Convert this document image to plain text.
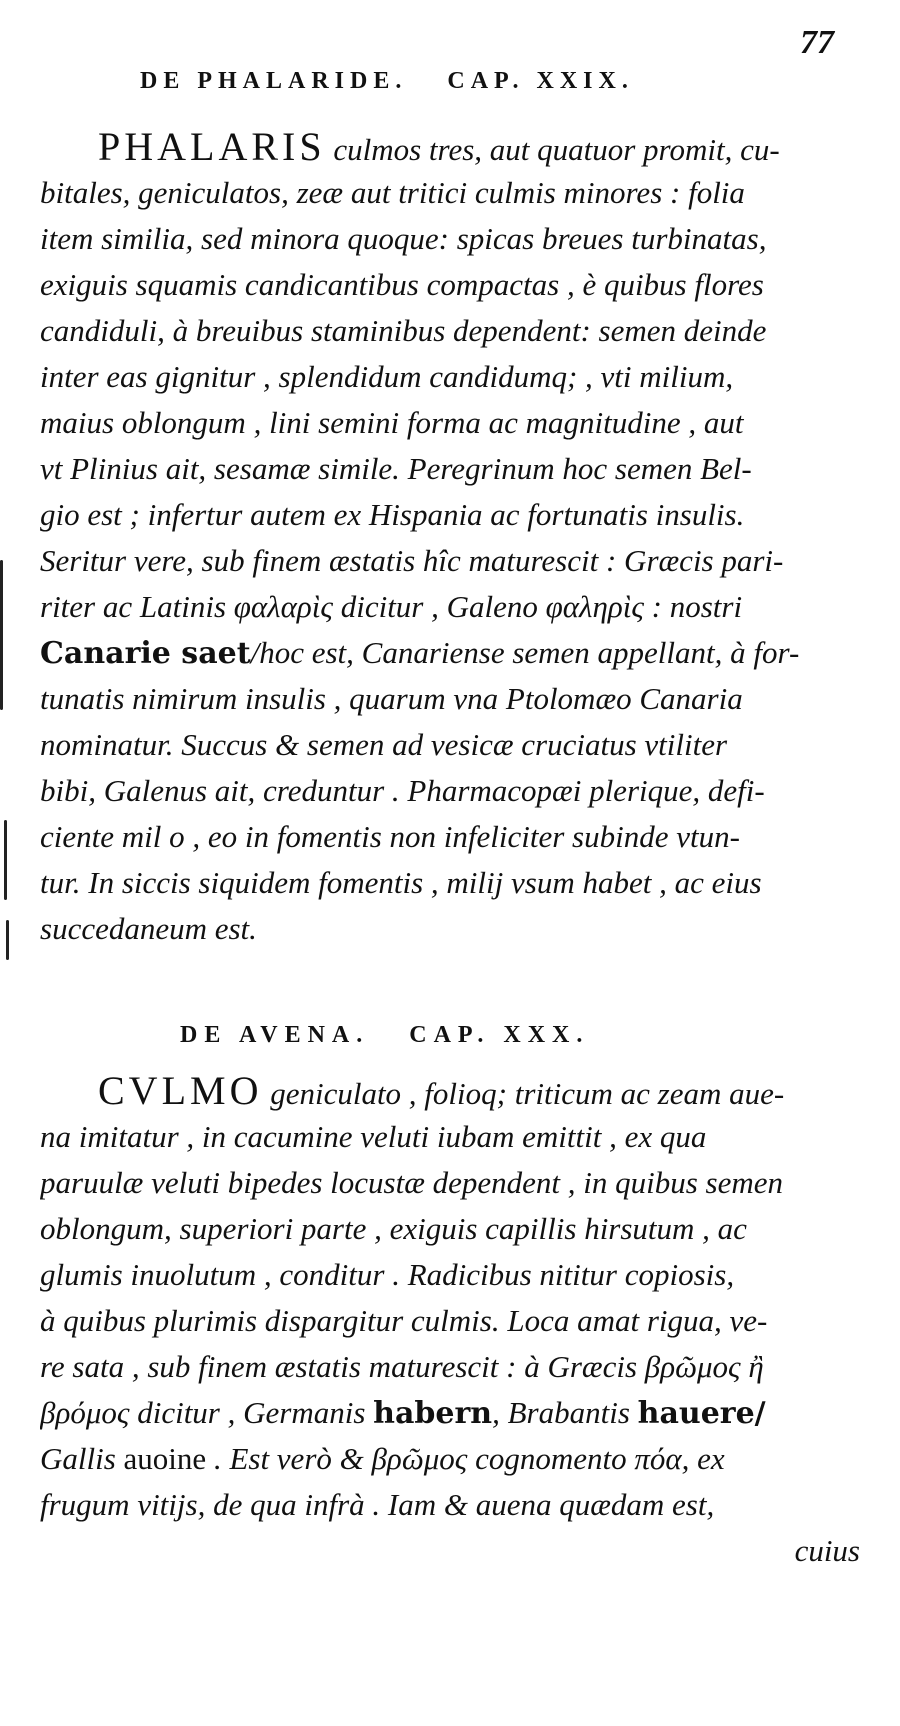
77
DE PHALARIDE. CAP. XXIX.
PHALARIS culmos tres, aut quatuor promit, cu-
bitales, geniculatos, zeæ aut tritici culmis minores : folia
item similia, sed minora quoque: spicas breues turbinatas,
exiguis squamis candicantibus compactas , è quibus flores
candiduli, à breuibus staminibus dependent: semen deinde
inter eas gignitur , splendidum candidumq; , vti milium,
maius oblongum , lini semini forma ac magnitudine , aut
vt Plinius ait, sesamæ simile. Peregrinum hoc semen Bel-
gio est ; infertur autem ex Hispania ac fortunatis insulis.
Seritur vere, sub finem æstatis hîc maturescit : Græcis pari-
riter ac Latinis φαλαρὶς dicitur , Galeno φαληρὶς : nostri
Canarie saet/hoc est, Canariense semen appellant, à for-
tunatis nimirum insulis , quarum vna Ptolomæo Canaria
nominatur. Succus & semen ad vesicæ cruciatus vtiliter
bibi, Galenus ait, creduntur . Pharmacopæi plerique, defi-
ciente mil o , eo in fomentis non infeliciter subinde vtun-
tur. In siccis siquidem fomentis , milij vsum habet , ac eius
succedaneum est.
DE AVENA. CAP. XXX.
CVLMO geniculato , folioq; triticum ac zeam aue-
na imitatur , in cacumine veluti iubam emittit , ex qua
paruulæ veluti bipedes locustæ dependent , in quibus semen
oblongum, superiori parte , exiguis capillis hirsutum , ac
glumis inuolutum , conditur . Radicibus nititur copiosis,
à quibus plurimis dispargitur culmis. Loca amat rigua, ve-
re sata , sub finem æstatis maturescit : à Græcis βρῶμος ἢ
βρόμος dicitur , Germanis habern, Brabantis hauere/
Gallis auoine . Est verò & βρῶμος cognomento πόα, ex
frugum vitijs, de qua infrà . Iam & auena quædam est,
cuius
